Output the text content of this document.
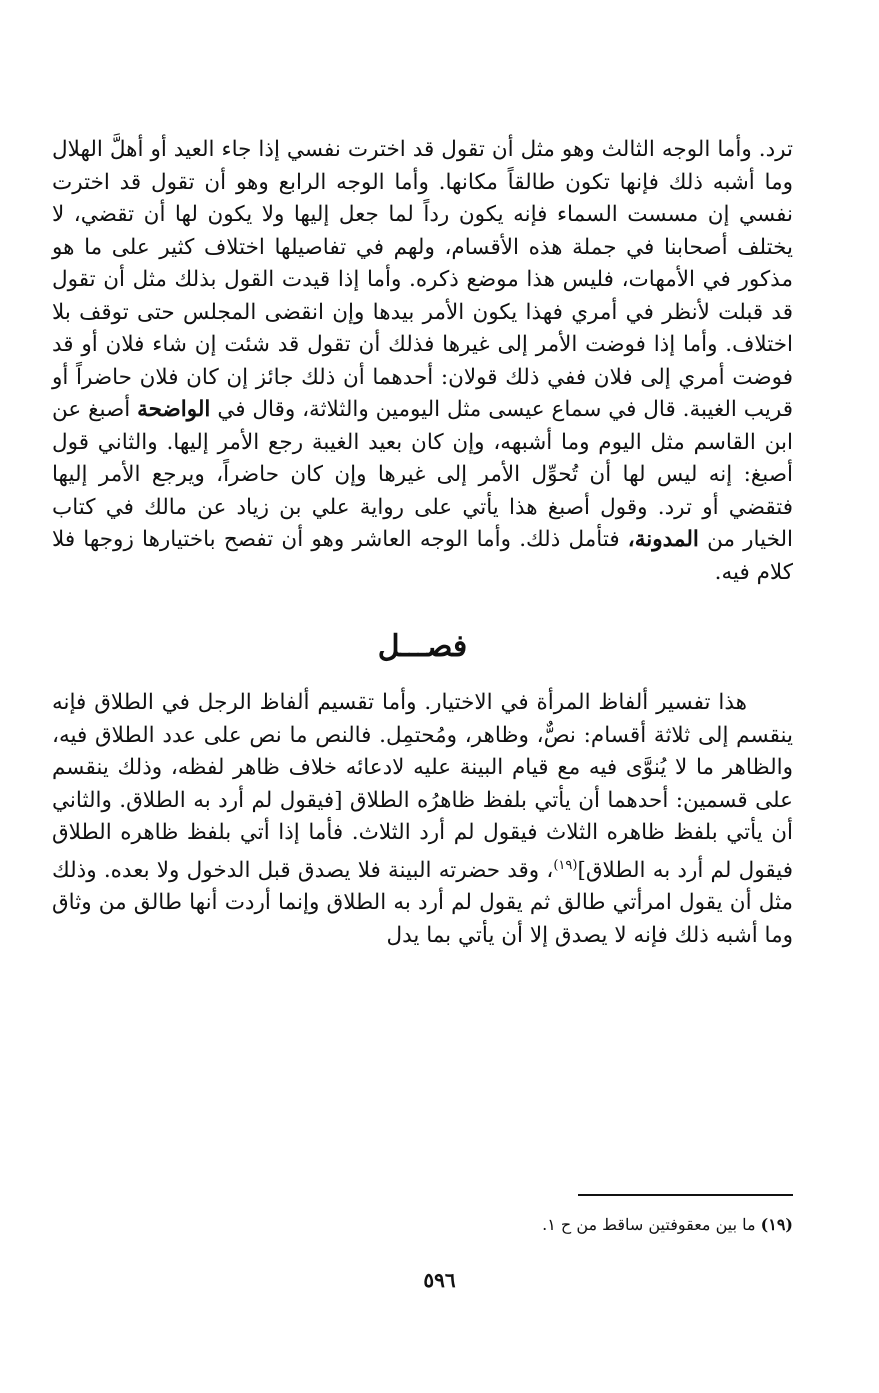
ترد. وأما الوجه الثالث وهو مثل أن تقول قد اخترت نفسي إذا جاء العيد أو أهلَّ الهلال وما أشبه ذلك فإنها تكون طالقاً مكانها. وأما الوجه الرابع وهو أن تقول قد اخترت نفسي إن مسست السماء فإنه يكون رداً لما جعل إليها ولا يكون لها أن تقضي، لا يختلف أصحابنا في جملة هذه الأقسام، ولهم في تفاصيلها اختلاف كثير على ما هو مذكور في الأمهات، فليس هذا موضع ذكره. وأما إذا قيدت القول بذلك مثل أن تقول قد قبلت لأنظر في أمري فهذا يكون الأمر بيدها وإن انقضى المجلس حتى توقف بلا اختلاف. وأما إذا فوضت الأمر إلى غيرها فذلك أن تقول قد شئت إن شاء فلان أو قد فوضت أمري إلى فلان ففي ذلك قولان: أحدهما أن ذلك جائز إن كان فلان حاضراً أو قريب الغيبة. قال في سماع عيسى مثل اليومين والثلاثة، وقال في الواضحة أصبغ عن ابن القاسم مثل اليوم وما أشبهه، وإن كان بعيد الغيبة رجع الأمر إليها. والثاني قول أصبغ: إنه ليس لها أن تُحوِّل الأمر إلى غيرها وإن كان حاضراً، ويرجع الأمر إليها فتقضي أو ترد. وقول أصبغ هذا يأتي على رواية علي بن زياد عن مالك في كتاب الخيار من المدونة، فتأمل ذلك. وأما الوجه العاشر وهو أن تفصح باختيارها زوجها فلا كلام فيه.

فصـــل

هذا تفسير ألفاظ المرأة في الاختيار. وأما تقسيم ألفاظ الرجل في الطلاق فإنه ينقسم إلى ثلاثة أقسام: نصٌّ، وظاهر، ومُحتمِل. فالنص ما نص على عدد الطلاق فيه، والظاهر ما لا يُنوَّى فيه مع قيام البينة عليه لادعائه خلاف ظاهر لفظه، وذلك ينقسم على قسمين: أحدهما أن يأتي بلفظ ظاهرُه الطلاق [فيقول لم أرد به الطلاق. والثاني أن يأتي بلفظ ظاهره الثلاث فيقول لم أرد الثلاث. فأما إذا أتي بلفظ ظاهره الطلاق فيقول لم أرد به الطلاق]$^{(١٩)}$، وقد حضرته البينة فلا يصدق قبل الدخول ولا بعده. وذلك مثل أن يقول امرأتي طالق ثم يقول لم أرد به الطلاق وإنما أردت أنها طالق من وثاق وما أشبه ذلك فإنه لا يصدق إلا أن يأتي بما يدل

(١٩) ما بين معقوفتين ساقط من ح ١.
٥٩٦
